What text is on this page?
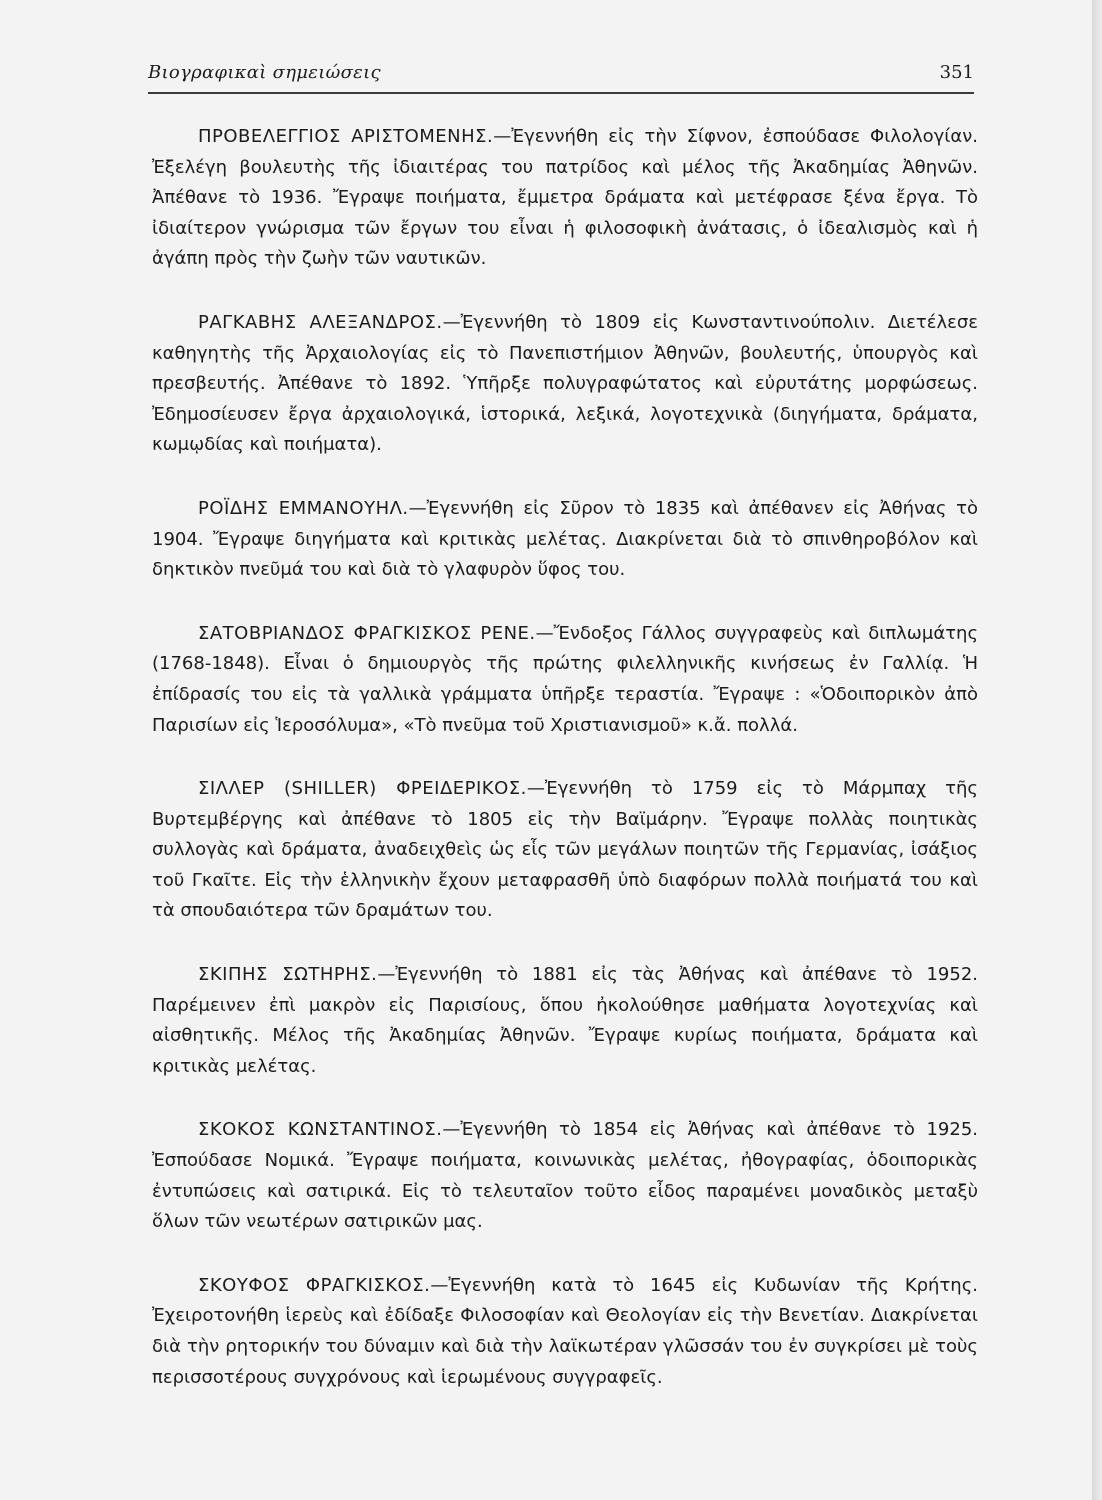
Βιογραφικαὶ σημειώσεις	351

ΠΡΟΒΕΛΕΓΓΙΟΣ ΑΡΙΣΤΟΜΕΝΗΣ.—Ἐγεννήθη εἰς τὴν Σίφνον, ἐσπούδασε Φιλολογίαν. Ἐξελέγη βουλευτὴς τῆς ἰδιαιτέρας του πατρίδος καὶ μέλος τῆς Ἀκαδημίας Ἀθηνῶν. Ἀπέθανε τὸ 1936. Ἔγραψε ποιήματα, ἔμμετρα δράματα καὶ μετέφρασε ξένα ἔργα. Τὸ ἰδιαίτερον γνώρισμα τῶν ἔργων του εἶναι ἡ φιλοσοφικὴ ἀνάτασις, ὁ ἰδεαλισμὸς καὶ ἡ ἀγάπη πρὸς τὴν ζωὴν τῶν ναυτικῶν.

ΡΑΓΚΑΒΗΣ ΑΛΕΞΑΝΔΡΟΣ.—Ἐγεννήθη τὸ 1809 εἰς Κωνσταντινούπολιν. Διετέλεσε καθηγητὴς τῆς Ἀρχαιολογίας εἰς τὸ Πανεπιστήμιον Ἀθηνῶν, βουλευτής, ὑπουργὸς καὶ πρεσβευτής. Ἀπέθανε τὸ 1892. Ὑπῆρξε πολυγραφώτατος καὶ εὐρυτάτης μορφώσεως. Ἐδημοσίευσεν ἔργα ἀρχαιολογικά, ἱστορικά, λεξικά, λογοτεχνικὰ (διηγήματα, δράματα, κωμῳδίας καὶ ποιήματα).

ΡΟΪΔΗΣ ΕΜΜΑΝΟΥΗΛ.—Ἐγεννήθη εἰς Σῦρον τὸ 1835 καὶ ἀπέθανεν εἰς Ἀθήνας τὸ 1904. Ἔγραψε διηγήματα καὶ κριτικὰς μελέτας. Διακρίνεται διὰ τὸ σπινθηροβόλον καὶ δηκτικὸν πνεῦμά του καὶ διὰ τὸ γλαφυρὸν ὕφος του.

ΣΑΤΟΒΡΙΑΝΔΟΣ ΦΡΑΓΚΙΣΚΟΣ ΡΕΝΕ.—Ἔνδοξος Γάλλος συγγραφεὺς καὶ διπλωμάτης (1768-1848). Εἶναι ὁ δημιουργὸς τῆς πρώτης φιλελληνικῆς κινήσεως ἐν Γαλλίᾳ. Ἡ ἐπίδρασίς του εἰς τὰ γαλλικὰ γράμματα ὑπῆρξε τεραστία. Ἔγραψε : «Ὁδοιπορικὸν ἀπὸ Παρισίων εἰς Ἱεροσόλυμα», «Τὸ πνεῦμα τοῦ Χριστιανισμοῦ» κ.ἄ. πολλά.

ΣΙΛΛΕΡ (SHILLER) ΦΡΕΙΔΕΡΙΚΟΣ.—Ἐγεννήθη τὸ 1759 εἰς τὸ Μάρμπαχ τῆς Βυρτεμβέργης καὶ ἀπέθανε τὸ 1805 εἰς τὴν Βαϊμάρην. Ἔγραψε πολλὰς ποιητικὰς συλλογὰς καὶ δράματα, ἀναδειχθεὶς ὡς εἷς τῶν μεγάλων ποιητῶν τῆς Γερμανίας, ἰσάξιος τοῦ Γκαῖτε. Εἰς τὴν ἑλληνικὴν ἔχουν μεταφρασθῆ ὑπὸ διαφόρων πολλὰ ποιήματά του καὶ τὰ σπουδαιότερα τῶν δραμάτων του.

ΣΚΙΠΗΣ ΣΩΤΗΡΗΣ.—Ἐγεννήθη τὸ 1881 εἰς τὰς Ἀθήνας καὶ ἀπέθανε τὸ 1952. Παρέμεινεν ἐπὶ μακρὸν εἰς Παρισίους, ὅπου ἠκολούθησε μαθήματα λογοτεχνίας καὶ αἰσθητικῆς. Μέλος τῆς Ἀκαδημίας Ἀθηνῶν. Ἔγραψε κυρίως ποιήματα, δράματα καὶ κριτικὰς μελέτας.

ΣΚΟΚΟΣ ΚΩΝΣΤΑΝΤΙΝΟΣ.—Ἐγεννήθη τὸ 1854 εἰς Ἀθήνας καὶ ἀπέθανε τὸ 1925. Ἐσπούδασε Νομικά. Ἔγραψε ποιήματα, κοινωνικὰς μελέτας, ἠθογραφίας, ὁδοιπορικὰς ἐντυπώσεις καὶ σατιρικά. Εἰς τὸ τελευταῖον τοῦτο εἶδος παραμένει μοναδικὸς μεταξὺ ὅλων τῶν νεωτέρων σατιρικῶν μας.

ΣΚΟΥΦΟΣ ΦΡΑΓΚΙΣΚΟΣ.—Ἐγεννήθη κατὰ τὸ 1645 εἰς Κυδωνίαν τῆς Κρήτης. Ἐχειροτονήθη ἱερεὺς καὶ ἐδίδαξε Φιλοσοφίαν καὶ Θεολογίαν εἰς τὴν Βενετίαν. Διακρίνεται διὰ τὴν ρητορικήν του δύναμιν καὶ διὰ τὴν λαϊκωτέραν γλῶσσάν του ἐν συγκρίσει μὲ τοὺς περισσοτέρους συγχρόνους καὶ ἱερωμένους συγγραφεῖς.
